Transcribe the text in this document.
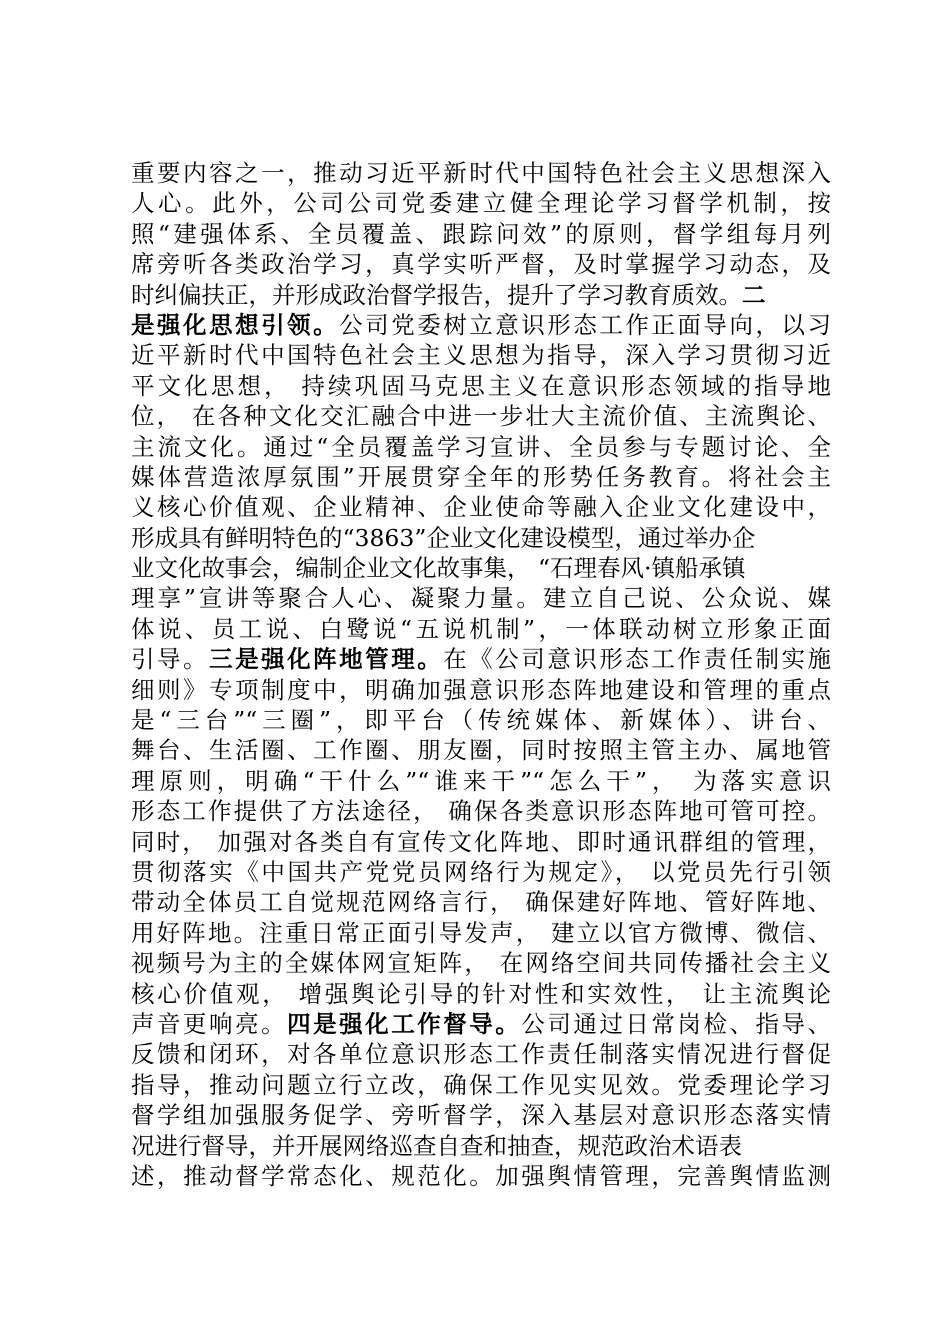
重要内容之一，推动习近平新时代中国特色社会主义思想深入
人心。此外，公司公司党委建立健全理论学习督学机制，按
照“建强体系、全员覆盖、跟踪问效”的原则，督学组每月列
席旁听各类政治学习，真学实听严督，及时掌握学习动态，及
时纠偏扶正，并形成政治督学报告，提升了学习教育质效。二
是强化思想引领。公司党委树立意识形态工作正面导向，以习
近平新时代中国特色社会主义思想为指导，深入学习贯彻习近
平文化思想， 持续巩固马克思主义在意识形态领域的指导地
位， 在各种文化交汇融合中进一步壮大主流价值、主流舆论、
主流文化。通过“全员覆盖学习宣讲、全员参与专题讨论、全
媒体营造浓厚氛围”开展贯穿全年的形势任务教育。将社会主
义核心价值观、企业精神、企业使命等融入企业文化建设中，
形成具有鲜明特色的“3863”企业文化建设模型，通过举办企
业文化故事会，编制企业文化故事集， “石理春风·镇船承镇
理享”宣讲等聚合人心、凝聚力量。建立自己说、公众说、媒
体说、员工说、白鹭说“五说机制”，一体联动树立形象正面
引导。三是强化阵地管理。在《公司意识形态工作责任制实施
细则》专项制度中，明确加强意识形态阵地建设和管理的重点
是“三台”“三圈”，即平台（传统媒体、新媒体）、讲台、
舞台、生活圈、工作圈、朋友圈，同时按照主管主办、属地管
理原则，明确“干什么”“谁来干”“怎么干”， 为落实意识
形态工作提供了方法途径， 确保各类意识形态阵地可管可控。
同时， 加强对各类自有宣传文化阵地、即时通讯群组的管理，
贯彻落实《中国共产党党员网络行为规定》， 以党员先行引领
带动全体员工自觉规范网络言行， 确保建好阵地、管好阵地、
用好阵地。注重日常正面引导发声， 建立以官方微博、微信、
视频号为主的全媒体网宣矩阵， 在网络空间共同传播社会主义
核心价值观， 增强舆论引导的针对性和实效性， 让主流舆论
声音更响亮。四是强化工作督导。公司通过日常岗检、指导、
反馈和闭环，对各单位意识形态工作责任制落实情况进行督促
指导，推动问题立行立改，确保工作见实见效。党委理论学习
督学组加强服务促学、旁听督学，深入基层对意识形态落实情
况进行督导，并开展网络巡查自查和抽查，规范政治术语表
述，推动督学常态化、规范化。加强舆情管理，完善舆情监测
